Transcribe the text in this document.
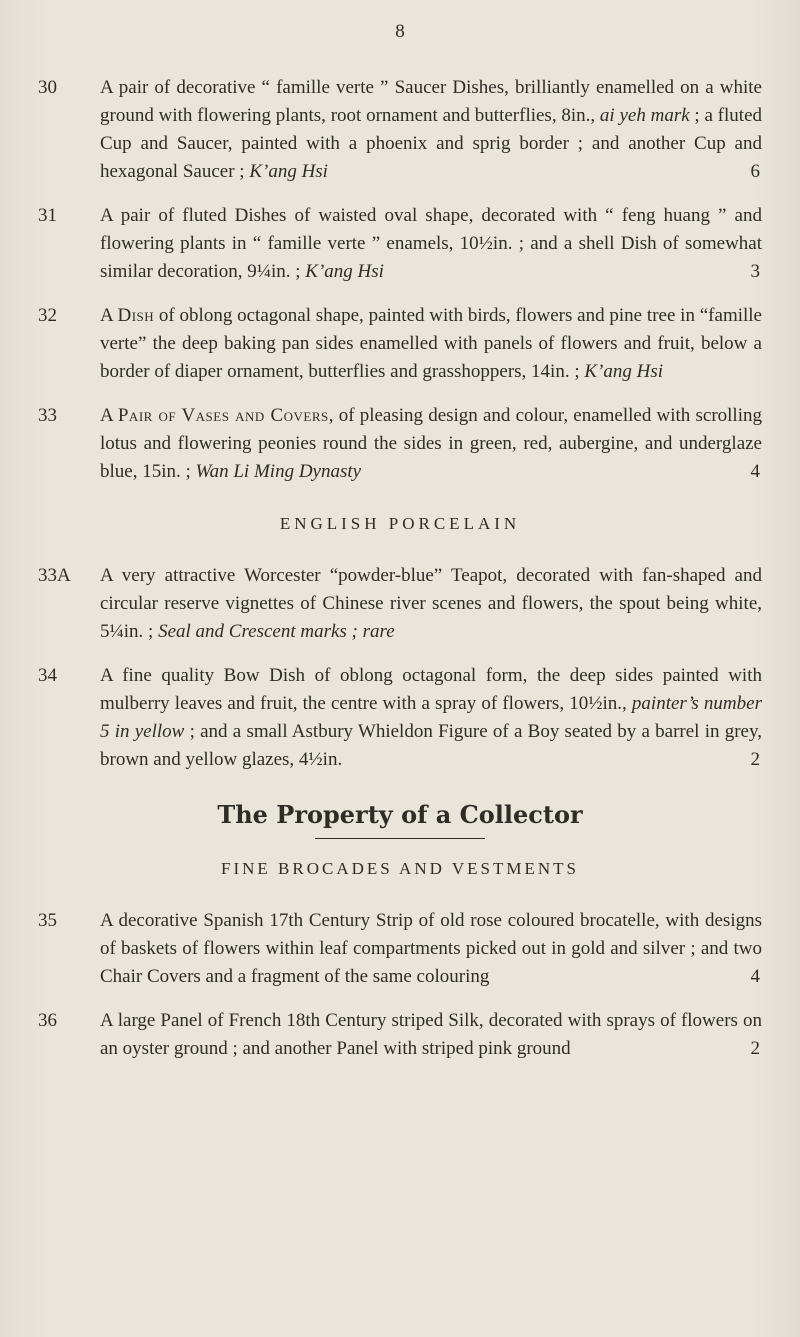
8
30	A pair of decorative “ famille verte ” Saucer Dishes, brilliantly enamelled on a white ground with flowering plants, root ornament and butterflies, 8in., ai yeh mark ; a fluted Cup and Saucer, painted with a phoenix and sprig border ; and another Cup and hexagonal Saucer ; K’ang Hsi	6
31	A pair of fluted Dishes of waisted oval shape, decorated with “ feng huang ” and flowering plants in “ famille verte ” enamels, 10½in. ; and a shell Dish of somewhat similar decoration, 9¼in. ; K’ang Hsi	3
32	A Dish of oblong octagonal shape, painted with birds, flowers and pine tree in “famille verte” the deep baking pan sides enamelled with panels of flowers and fruit, below a border of diaper ornament, butterflies and grasshoppers, 14in. ; K’ang Hsi
33	A Pair of Vases and Covers, of pleasing design and colour, enamelled with scrolling lotus and flowering peonies round the sides in green, red, aubergine, and underglaze blue, 15in. ; Wan Li Ming Dynasty	4
ENGLISH PORCELAIN
33A	A very attractive Worcester “powder-blue” Teapot, decorated with fan-shaped and circular reserve vignettes of Chinese river scenes and flowers, the spout being white, 5¼in. ; Seal and Crescent marks ; rare
34	A fine quality Bow Dish of oblong octagonal form, the deep sides painted with mulberry leaves and fruit, the centre with a spray of flowers, 10½in., painter’s number 5 in yellow ; and a small Astbury Whieldon Figure of a Boy seated by a barrel in grey, brown and yellow glazes, 4½in.	2
The Property of a Collector
FINE BROCADES AND VESTMENTS
35	A decorative Spanish 17th Century Strip of old rose coloured brocatelle, with designs of baskets of flowers within leaf compartments picked out in gold and silver ; and two Chair Covers and a fragment of the same colouring	4
36	A large Panel of French 18th Century striped Silk, decorated with sprays of flowers on an oyster ground ; and another Panel with striped pink ground	2
